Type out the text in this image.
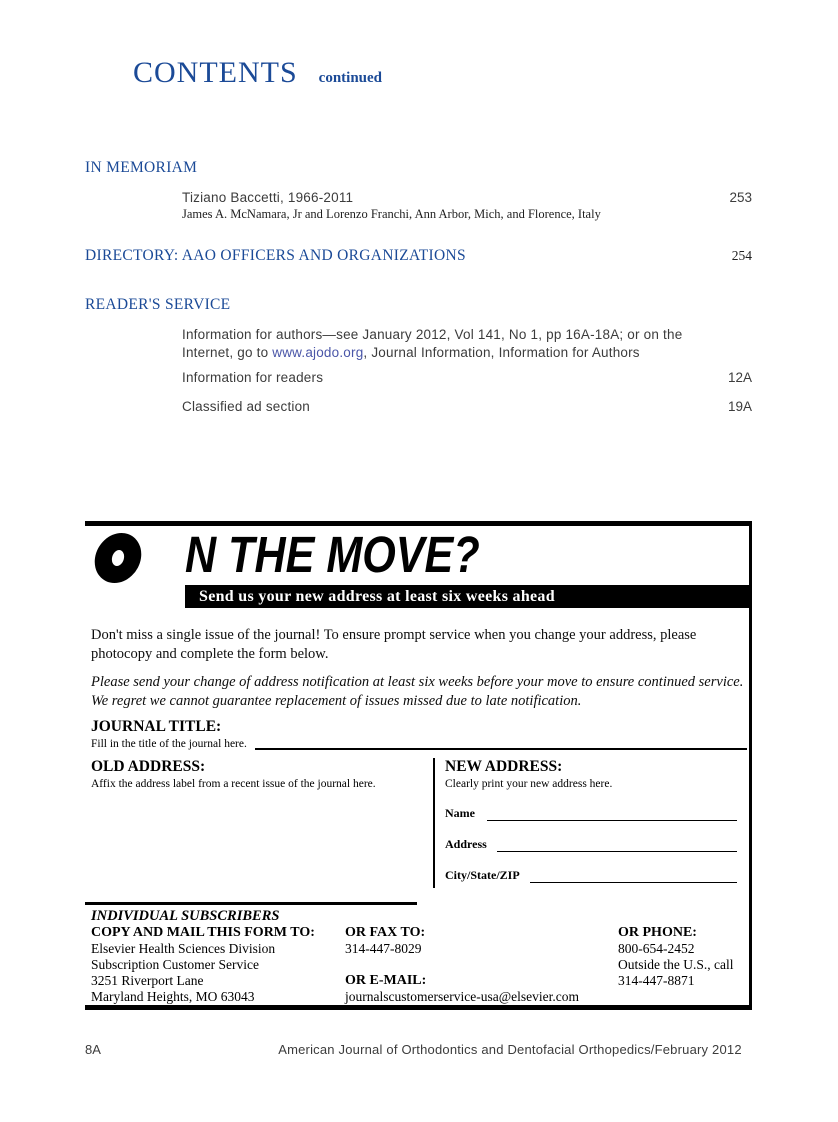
CONTENTS continued
IN MEMORIAM
Tiziano Baccetti, 1966-2011	253
James A. McNamara, Jr and Lorenzo Franchi, Ann Arbor, Mich, and Florence, Italy
DIRECTORY: AAO OFFICERS AND ORGANIZATIONS	254
READER'S SERVICE
Information for authors—see January 2012, Vol 141, No 1, pp 16A-18A; or on the Internet, go to www.ajodo.org, Journal Information, Information for Authors
Information for readers	12A
Classified ad section	19A
N THE MOVE?
Send us your new address at least six weeks ahead
Don't miss a single issue of the journal! To ensure prompt service when you change your address, please photocopy and complete the form below.
Please send your change of address notification at least six weeks before your move to ensure continued service. We regret we cannot guarantee replacement of issues missed due to late notification.
JOURNAL TITLE:
Fill in the title of the journal here.
OLD ADDRESS:
Affix the address label from a recent issue of the journal here.
NEW ADDRESS:
Clearly print your new address here.
Name
Address
City/State/ZIP
INDIVIDUAL SUBSCRIBERS
COPY AND MAIL THIS FORM TO:
Elsevier Health Sciences Division
Subscription Customer Service
3251 Riverport Lane
Maryland Heights, MO 63043
OR FAX TO:
314-447-8029
OR E-MAIL:
journalscustomerservice-usa@elsevier.com
OR PHONE:
800-654-2452
Outside the U.S., call
314-447-8871
8A	American Journal of Orthodontics and Dentofacial Orthopedics/February 2012
